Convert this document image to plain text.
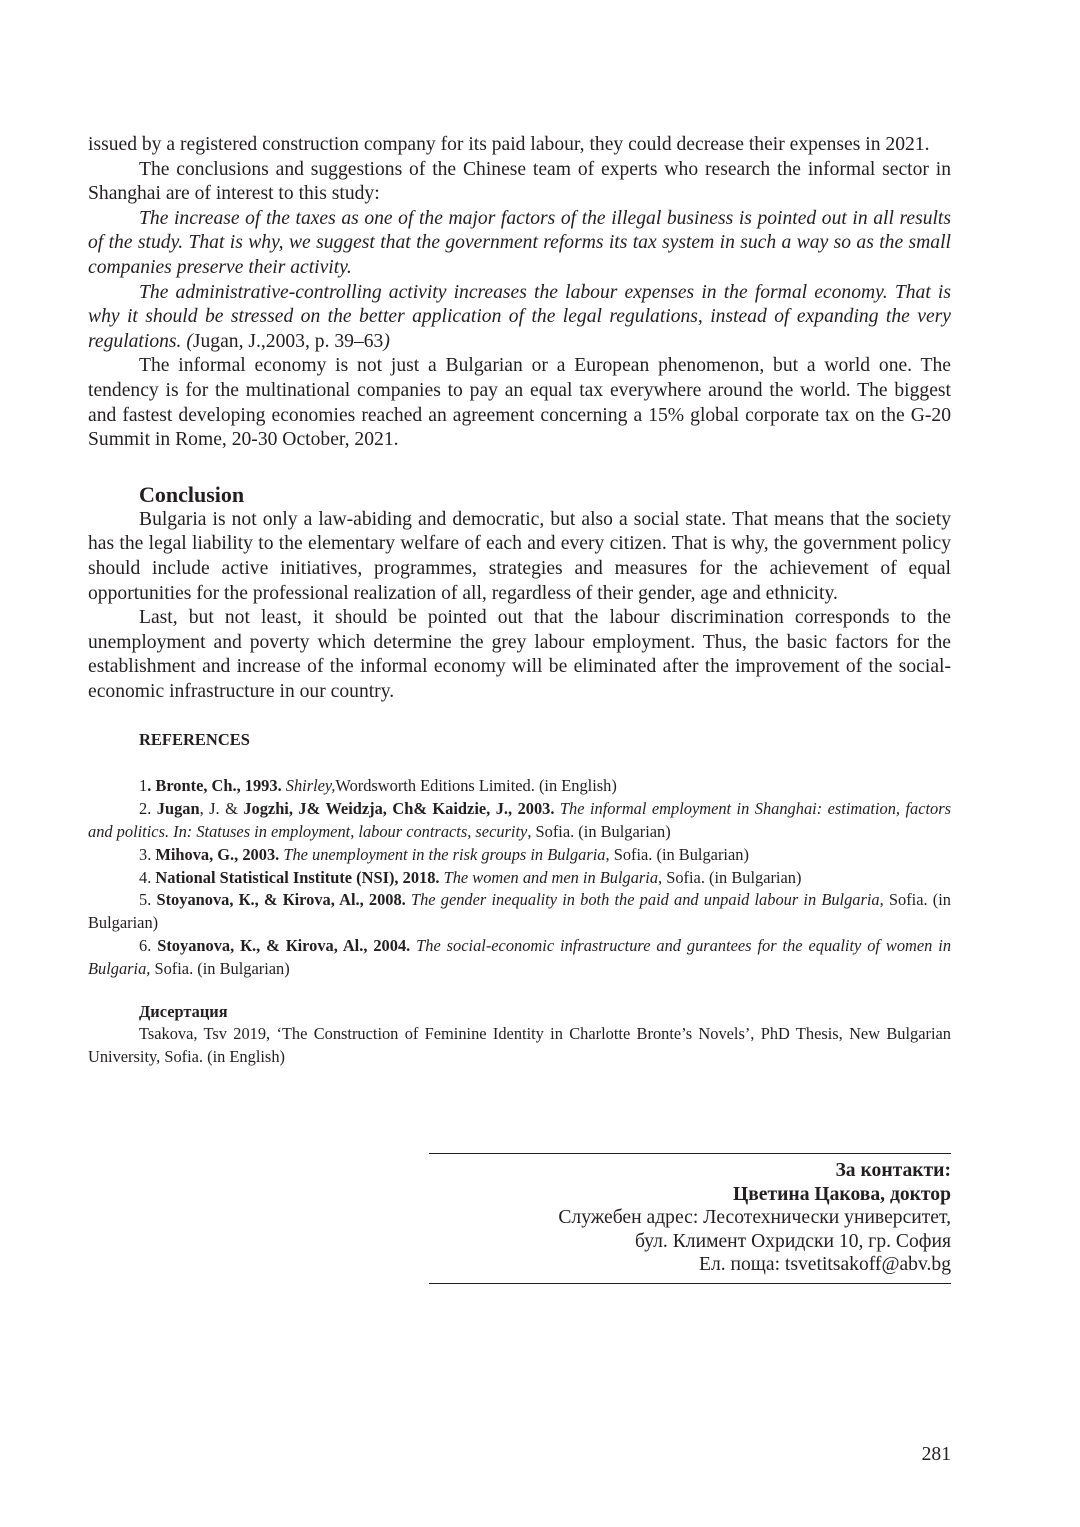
issued by a registered construction company for its paid labour, they could decrease their expenses in 2021.

The conclusions and suggestions of the Chinese team of experts who research the informal sector in Shanghai are of interest to this study:

The increase of the taxes as one of the major factors of the illegal business is pointed out in all results of the study. That is why, we suggest that the government reforms its tax system in such a way so as the small companies preserve their activity.

The administrative-controlling activity increases the labour expenses in the formal economy. That is why it should be stressed on the better application of the legal regulations, instead of expanding the very regulations. (Jugan, J.,2003, p. 39–63)

The informal economy is not just a Bulgarian or a European phenomenon, but a world one. The tendency is for the multinational companies to pay an equal tax everywhere around the world. The biggest and fastest developing economies reached an agreement concerning a 15% global corporate tax on the G-20 Summit in Rome, 20-30 October, 2021.

Conclusion

Bulgaria is not only a law-abiding and democratic, but also a social state. That means that the society has the legal liability to the elementary welfare of each and every citizen. That is why, the government policy should include active initiatives, programmes, strategies and measures for the achievement of equal opportunities for the professional realization of all, regardless of their gender, age and ethnicity.

Last, but not least, it should be pointed out that the labour discrimination corresponds to the unemployment and poverty which determine the grey labour employment. Thus, the basic factors for the establishment and increase of the informal economy will be eliminated after the improvement of the social-economic infrastructure in our country.

REFERENCES

1. Bronte, Ch., 1993. Shirley,Wordsworth Editions Limited. (in English)

2. Jugan, J. & Jogzhi, J& Weidzja, Ch& Kaidzie, J., 2003. The informal employment in Shanghai: estimation, factors and politics. In: Statuses in employment, labour contracts, security, Sofia. (in Bulgarian)

3. Mihova, G., 2003. The unemployment in the risk groups in Bulgaria, Sofia. (in Bulgarian)

4. National Statistical Institute (NSI), 2018. The women and men in Bulgaria, Sofia. (in Bulgarian)

5. Stoyanova, К., & Кirova, Al., 2008. The gender inequality in both the paid and unpaid labour in Bulgaria, Sofia. (in Bulgarian)

6. Stoyanova, К., & Кirova, Al., 2004. The social-economic infrastructure and gurantees for the equality of women in Bulgaria, Sofia. (in Bulgarian)

Дисертация

Tsakova, Tsv 2019, ‘The Construction of Feminine Identity in Charlotte Bronte’s Novels’, PhD Thesis, New Bulgarian University, Sofia. (in English)

За контакти:
Цветина Цакова, доктор
Служебен адрес: Лесотехнически университет,
бул. Климент Охридски 10, гр. София
Ел. поща: tsvetitsakoff@abv.bg
281
